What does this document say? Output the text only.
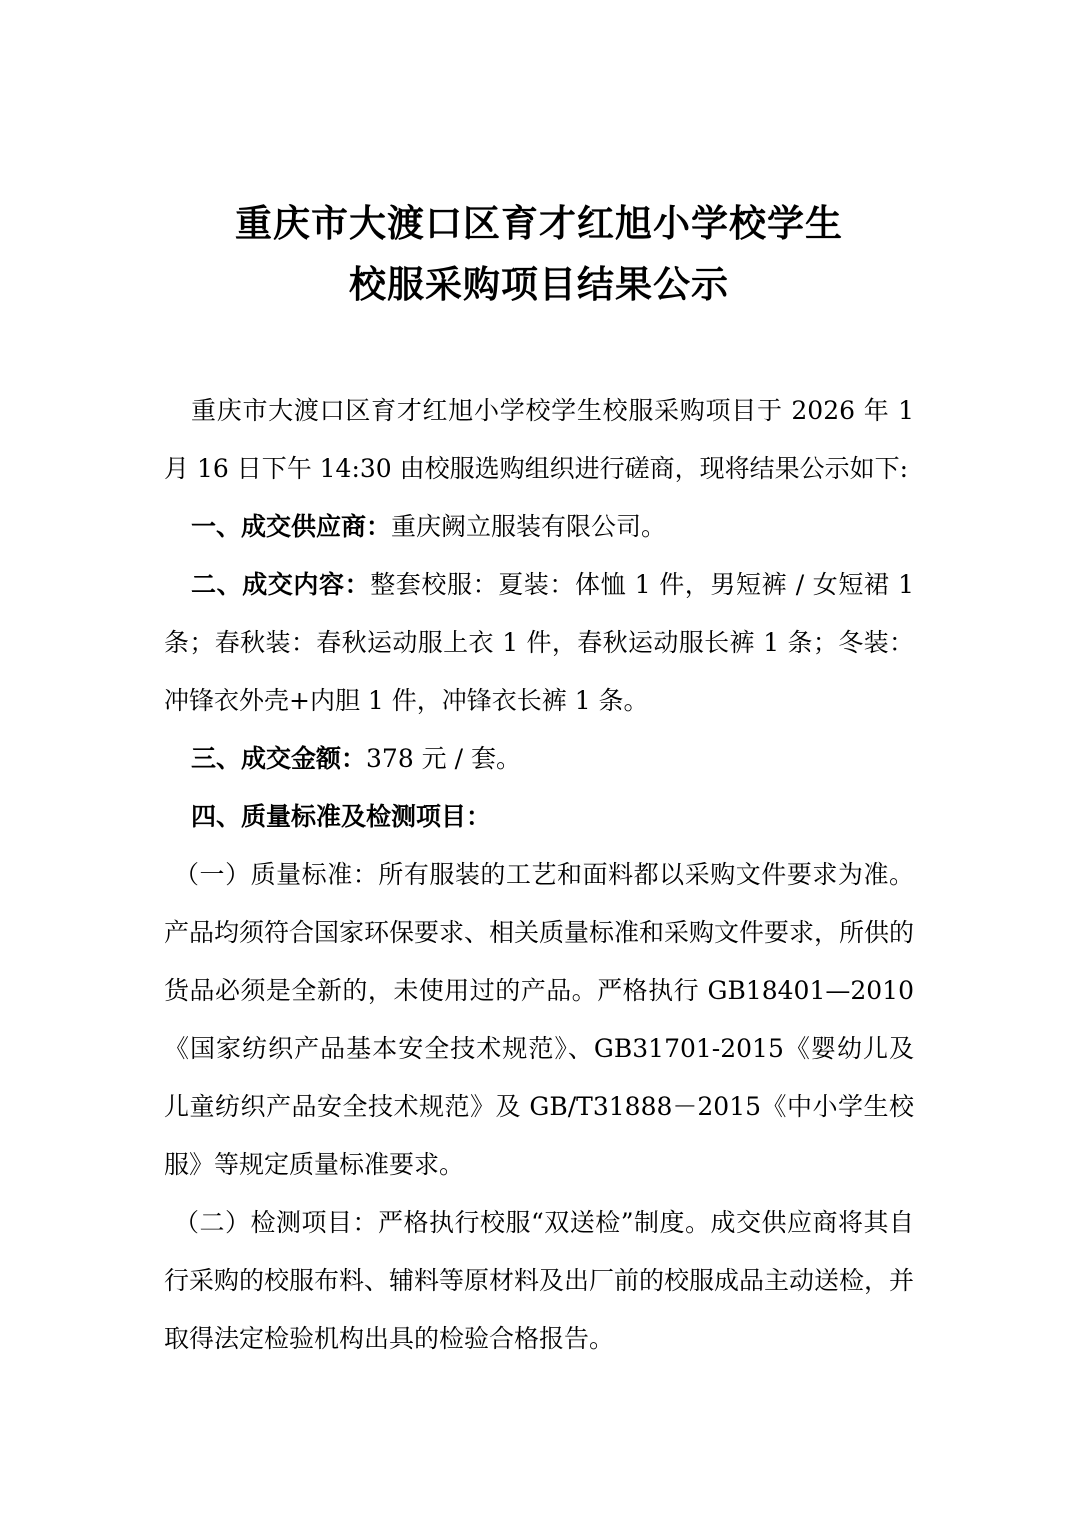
重庆市大渡口区育才红旭小学校学生
校服采购项目结果公示

重庆市大渡口区育才红旭小学校学生校服采购项目于 2026 年 1 月 16 日下午 14:30 由校服选购组织进行磋商，现将结果公示如下:

一、成交供应商：重庆阙立服装有限公司。

二、成交内容：整套校服：夏装：体恤 1 件，男短裤 / 女短裙 1 条；春秋装：春秋运动服上衣 1 件，春秋运动服长裤 1 条；冬装：冲锋衣外壳+内胆 1 件，冲锋衣长裤 1 条。

三、成交金额：378 元 / 套。

四、质量标准及检测项目：

（一）质量标准：所有服装的工艺和面料都以采购文件要求为准。产品均须符合国家环保要求、相关质量标准和采购文件要求，所供的货品必须是全新的，未使用过的产品。严格执行 GB18401—2010《国家纺织产品基本安全技术规范》、GB31701-2015《婴幼儿及儿童纺织产品安全技术规范》及 GB/T31888－2015《中小学生校服》等规定质量标准要求。

（二）检测项目：严格执行校服“双送检”制度。成交供应商将其自行采购的校服布料、辅料等原材料及出厂前的校服成品主动送检，并取得法定检验机构出具的检验合格报告。
